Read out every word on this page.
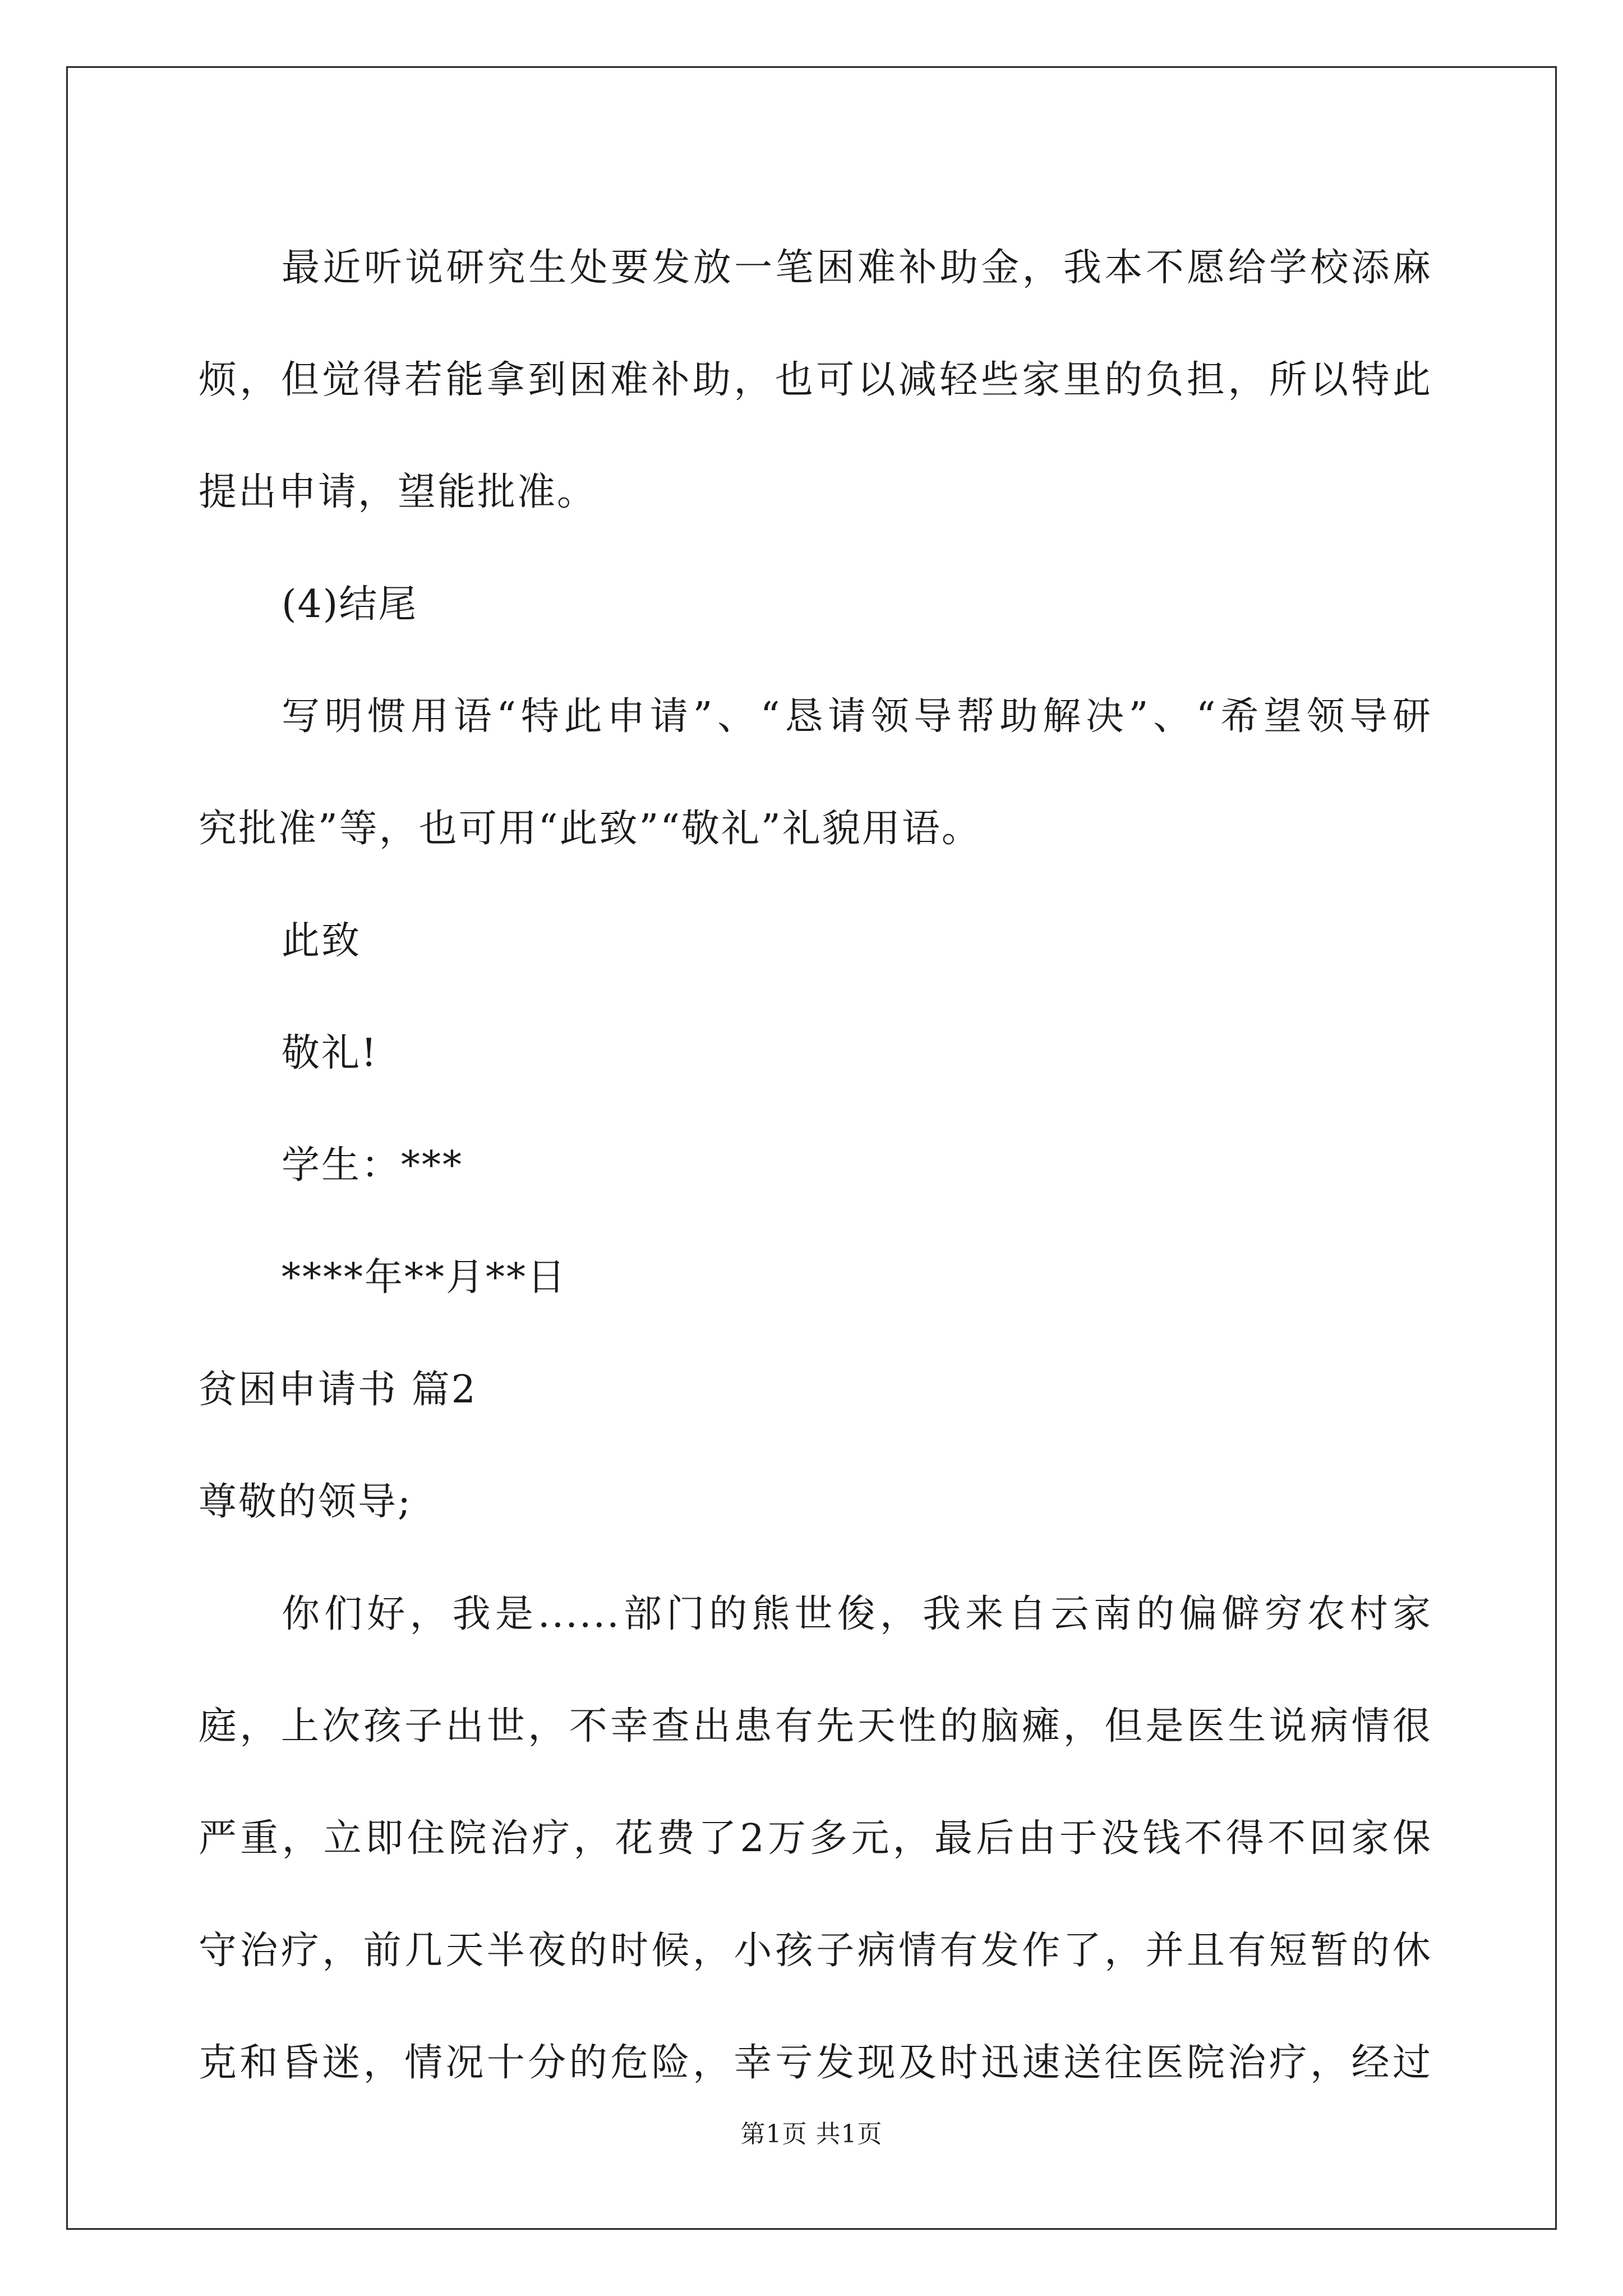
最近听说研究生处要发放一笔困难补助金，我本不愿给学校添麻
烦，但觉得若能拿到困难补助，也可以减轻些家里的负担，所以特此
提出申请，望能批准。
(4)结尾
写明惯用语“特此申请”、“恳请领导帮助解决”、“希望领导研
究批准”等，也可用“此致”“敬礼”礼貌用语。
此致
敬礼!
学生：***
****年**月**日
贫困申请书 篇2
尊敬的领导;
你们好，我是......部门的熊世俊，我来自云南的偏僻穷农村家
庭，上次孩子出世，不幸查出患有先天性的脑瘫，但是医生说病情很
严重，立即住院治疗，花费了2万多元，最后由于没钱不得不回家保
守治疗，前几天半夜的时候，小孩子病情有发作了，并且有短暂的休
克和昏迷，情况十分的危险，幸亏发现及时迅速送往医院治疗，经过
第1页 共1页
